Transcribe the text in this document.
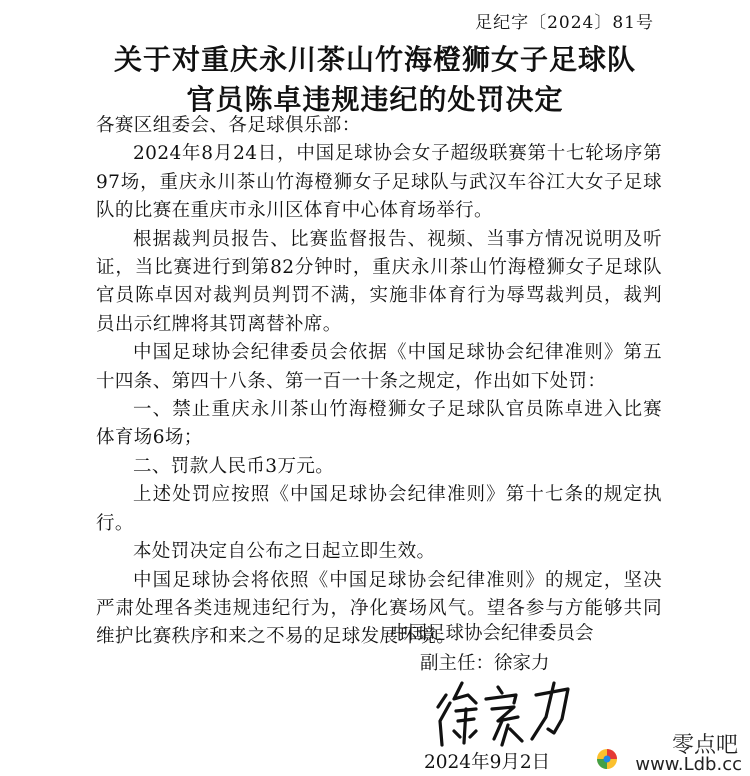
足纪字〔2024〕81号
关于对重庆永川茶山竹海橙狮女子足球队
官员陈卓违规违纪的处罚决定

各赛区组委会、各足球俱乐部：

2024年8月24日，中国足球协会女子超级联赛第十七轮场序第97场，重庆永川茶山竹海橙狮女子足球队与武汉车谷江大女子足球队的比赛在重庆市永川区体育中心体育场举行。

根据裁判员报告、比赛监督报告、视频、当事方情况说明及听证，当比赛进行到第82分钟时，重庆永川茶山竹海橙狮女子足球队官员陈卓因对裁判员判罚不满，实施非体育行为辱骂裁判员，裁判员出示红牌将其罚离替补席。

中国足球协会纪律委员会依据《中国足球协会纪律准则》第五十四条、第四十八条、第一百一十条之规定，作出如下处罚：

一、禁止重庆永川茶山竹海橙狮女子足球队官员陈卓进入比赛体育场6场；

二、罚款人民币3万元。

上述处罚应按照《中国足球协会纪律准则》第十七条的规定执行。

本处罚决定自公布之日起立即生效。

中国足球协会将依照《中国足球协会纪律准则》的规定，坚决严肃处理各类违规违纪行为，净化赛场风气。望各参与方能够共同维护比赛秩序和来之不易的足球发展环境。

中国足球协会纪律委员会
副主任：徐家力
2024年9月2日
零点吧
www.Ldb.cc
